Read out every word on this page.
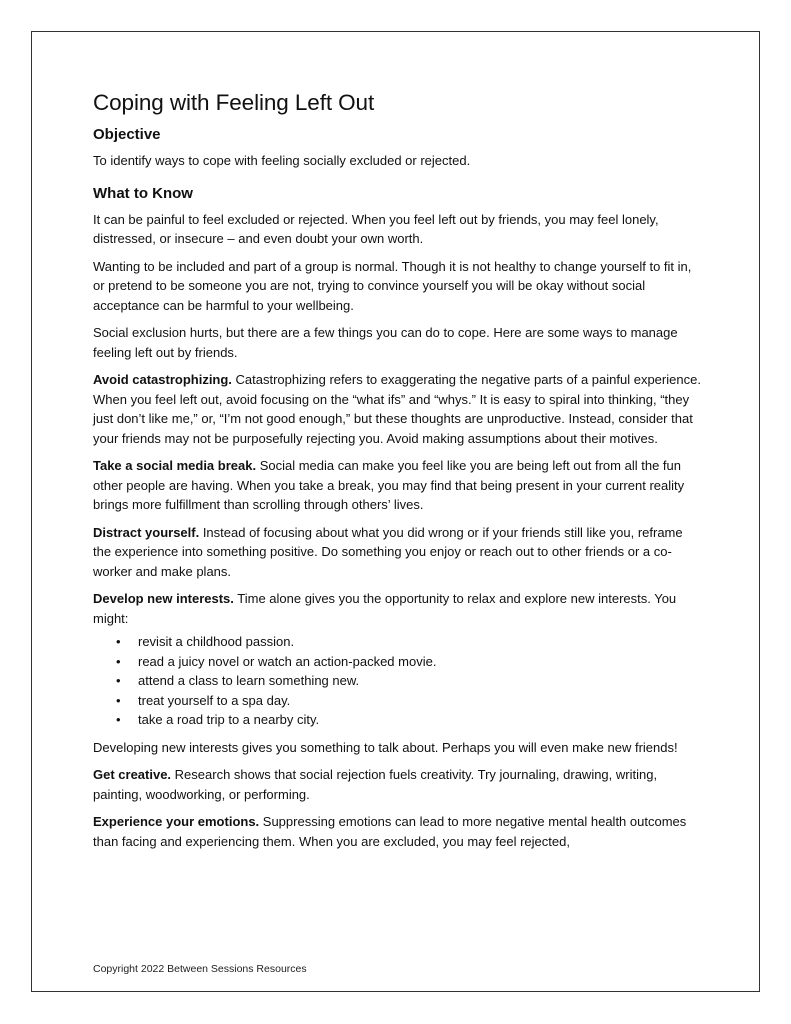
Coping with Feeling Left Out
Objective

To identify ways to cope with feeling socially excluded or rejected.

What to Know

It can be painful to feel excluded or rejected. When you feel left out by friends, you may feel lonely, distressed, or insecure – and even doubt your own worth.

Wanting to be included and part of a group is normal. Though it is not healthy to change yourself to fit in, or pretend to be someone you are not, trying to convince yourself you will be okay without social acceptance can be harmful to your wellbeing.

Social exclusion hurts, but there are a few things you can do to cope. Here are some ways to manage feeling left out by friends.

Avoid catastrophizing. Catastrophizing refers to exaggerating the negative parts of a painful experience. When you feel left out, avoid focusing on the “what ifs” and “whys.” It is easy to spiral into thinking, “they just don’t like me,” or, “I’m not good enough,” but these thoughts are unproductive. Instead, consider that your friends may not be purposefully rejecting you. Avoid making assumptions about their motives.

Take a social media break. Social media can make you feel like you are being left out from all the fun other people are having. When you take a break, you may find that being present in your current reality brings more fulfillment than scrolling through others’ lives.

Distract yourself. Instead of focusing about what you did wrong or if your friends still like you, reframe the experience into something positive. Do something you enjoy or reach out to other friends or a co-worker and make plans.

Develop new interests. Time alone gives you the opportunity to relax and explore new interests. You might:

• revisit a childhood passion.
• read a juicy novel or watch an action-packed movie.
• attend a class to learn something new.
• treat yourself to a spa day.
• take a road trip to a nearby city.

Developing new interests gives you something to talk about. Perhaps you will even make new friends!

Get creative. Research shows that social rejection fuels creativity. Try journaling, drawing, writing, painting, woodworking, or performing.

Experience your emotions. Suppressing emotions can lead to more negative mental health outcomes than facing and experiencing them. When you are excluded, you may feel rejected,

Copyright 2022 Between Sessions Resources
